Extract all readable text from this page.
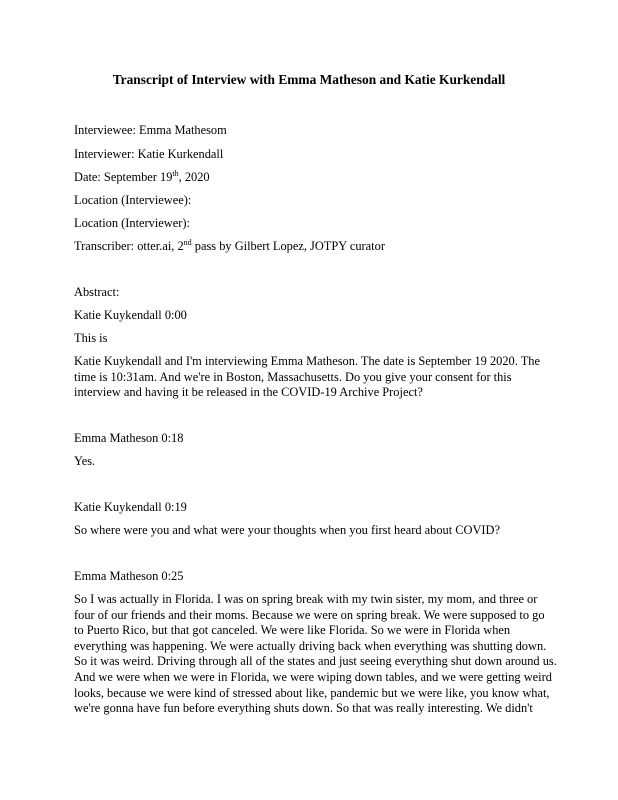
Transcript of Interview with Emma Matheson and Katie Kurkendall
Interviewee: Emma Mathesom
Interviewer: Katie Kurkendall
Date: September 19th, 2020
Location (Interviewee):
Location (Interviewer):
Transcriber: otter.ai, 2nd pass by Gilbert Lopez, JOTPY curator
Abstract:
Katie Kuykendall 0:00
This is
Katie Kuykendall and I'm interviewing Emma Matheson. The date is September 19 2020. The
time is 10:31am. And we're in Boston, Massachusetts. Do you give your consent for this
interview and having it be released in the COVID-19 Archive Project?
Emma Matheson 0:18
Yes.
Katie Kuykendall 0:19
So where were you and what were your thoughts when you first heard about COVID?
Emma Matheson 0:25
So I was actually in Florida. I was on spring break with my twin sister, my mom, and three or
four of our friends and their moms. Because we were on spring break. We were supposed to go
to Puerto Rico, but that got canceled. We were like Florida. So we were in Florida when
everything was happening. We were actually driving back when everything was shutting down.
So it was weird. Driving through all of the states and just seeing everything shut down around us.
And we were when we were in Florida, we were wiping down tables, and we were getting weird
looks, because we were kind of stressed about like, pandemic but we were like, you know what,
we're gonna have fun before everything shuts down. So that was really interesting. We didn't
